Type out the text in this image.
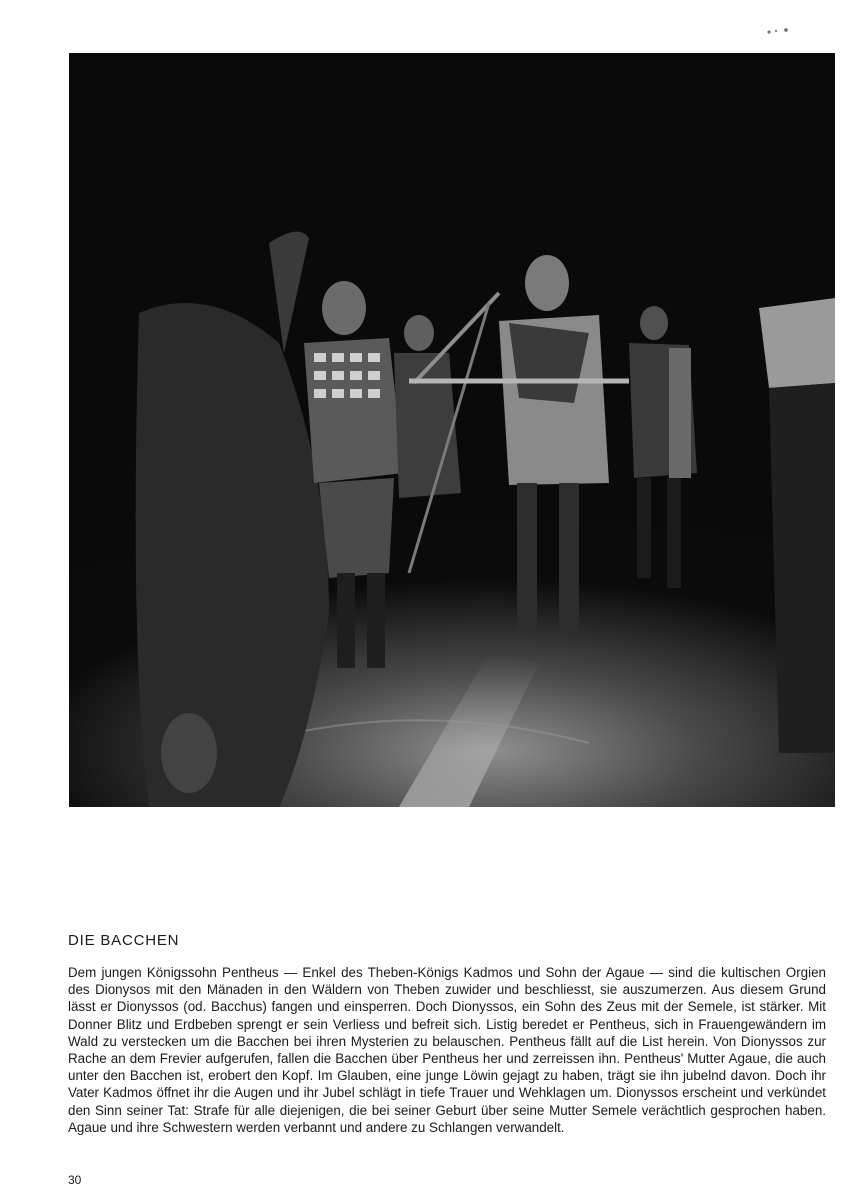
DIE BACCHEN

Dem jungen Königssohn Pentheus — Enkel des Theben-Königs Kadmos und Sohn der Agaue — sind die kultischen Orgien des Dionysos mit den Mänaden in den Wäldern von Theben zuwider und beschliesst, sie auszumerzen. Aus diesem Grund lässt er Dionyssos (od. Bacchus) fangen und einsperren. Doch Dionyssos, ein Sohn des Zeus mit der Semele, ist stärker. Mit Donner Blitz und Erdbeben sprengt er sein Verliess und befreit sich. Listig beredet er Pentheus, sich in Frauengewändern im Wald zu verstecken um die Bacchen bei ihren Mysterien zu belauschen. Pentheus fällt auf die List herein. Von Dionyssos zur Rache an dem Frevier aufgerufen, fallen die Bacchen über Pentheus her und zerreissen ihn. Pentheus' Mutter Agaue, die auch unter den Bacchen ist, erobert den Kopf. Im Glauben, eine junge Löwin gejagt zu haben, trägt sie ihn jubelnd davon. Doch ihr Vater Kadmos öffnet ihr die Augen und ihr Jubel schlägt in tiefe Trauer und Wehklagen um. Dionyssos erscheint und verkündet den Sinn seiner Tat: Strafe für alle diejenigen, die bei seiner Geburt über seine Mutter Semele verächtlich gesprochen haben. Agaue und ihre Schwestern werden verbannt und andere zu Schlangen verwandelt.

30
